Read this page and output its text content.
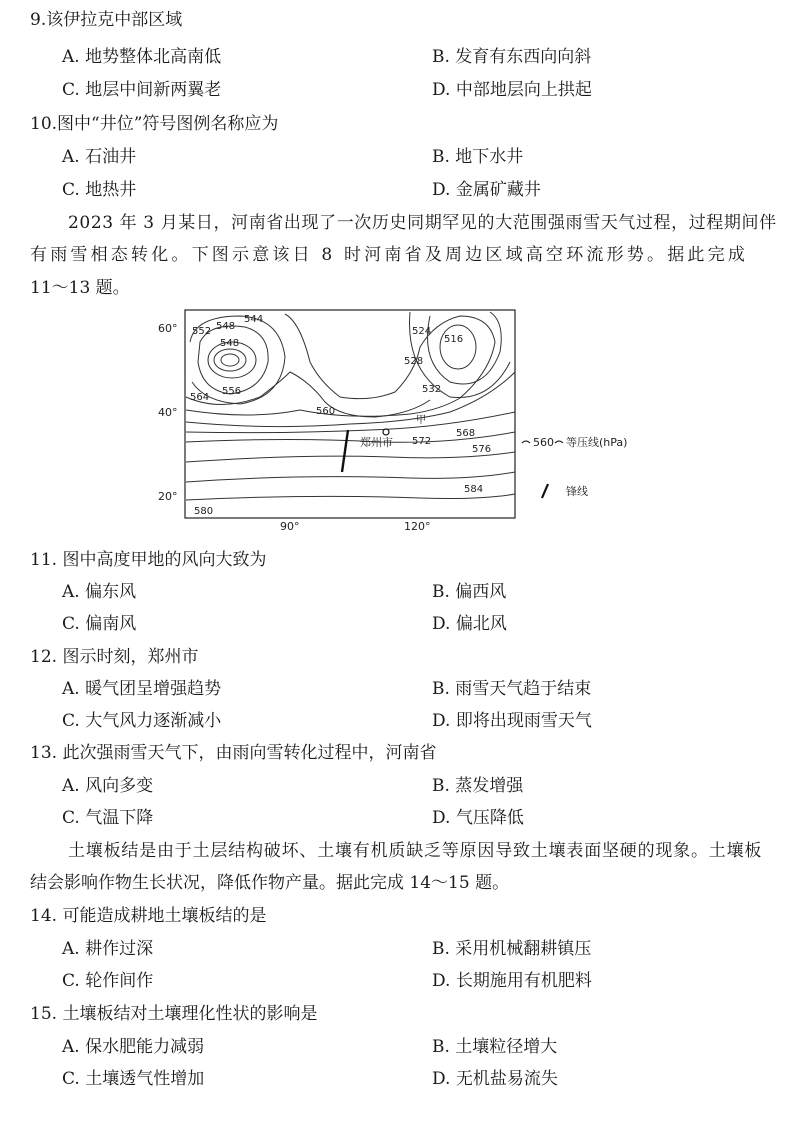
9.该伊拉克中部区域
A. 地势整体北高南低	B. 发育有东西向向斜
C. 地层中间新两翼老	D. 中部地层向上拱起
10.图中“井位”符号图例名称应为
A. 石油井	B. 地下水井
C. 地热井	D. 金属矿藏井
2023 年 3 月某日，河南省出现了一次历史同期罕见的大范围强雨雪天气过程，过程期间伴
有雨雪相态转化。下图示意该日 8 时河南省及周边区域高空环流形势。据此完成
11～13 题。
60°
40°
20°
90°	120°
552 548
544
548
556
564
560
524
516
528
532
甲
568
572
576
584
580
郑州市	560 等压线(hPa)
锋线
11. 图中高度甲地的风向大致为
A. 偏东风	B. 偏西风
C. 偏南风	D. 偏北风
12. 图示时刻，郑州市
A. 暖气团呈增强趋势	B. 雨雪天气趋于结束
C. 大气风力逐渐减小	D. 即将出现雨雪天气
13. 此次强雨雪天气下，由雨向雪转化过程中，河南省
A. 风向多变	B. 蒸发增强
C. 气温下降	D. 气压降低
土壤板结是由于土层结构破坏、土壤有机质缺乏等原因导致土壤表面坚硬的现象。土壤板
结会影响作物生长状况，降低作物产量。据此完成 14～15 题。
14. 可能造成耕地土壤板结的是
A. 耕作过深	B. 采用机械翻耕镇压
C. 轮作间作	D. 长期施用有机肥料
15. 土壤板结对土壤理化性状的影响是
A. 保水肥能力减弱	B. 土壤粒径增大
C. 土壤透气性增加	D. 无机盐易流失
